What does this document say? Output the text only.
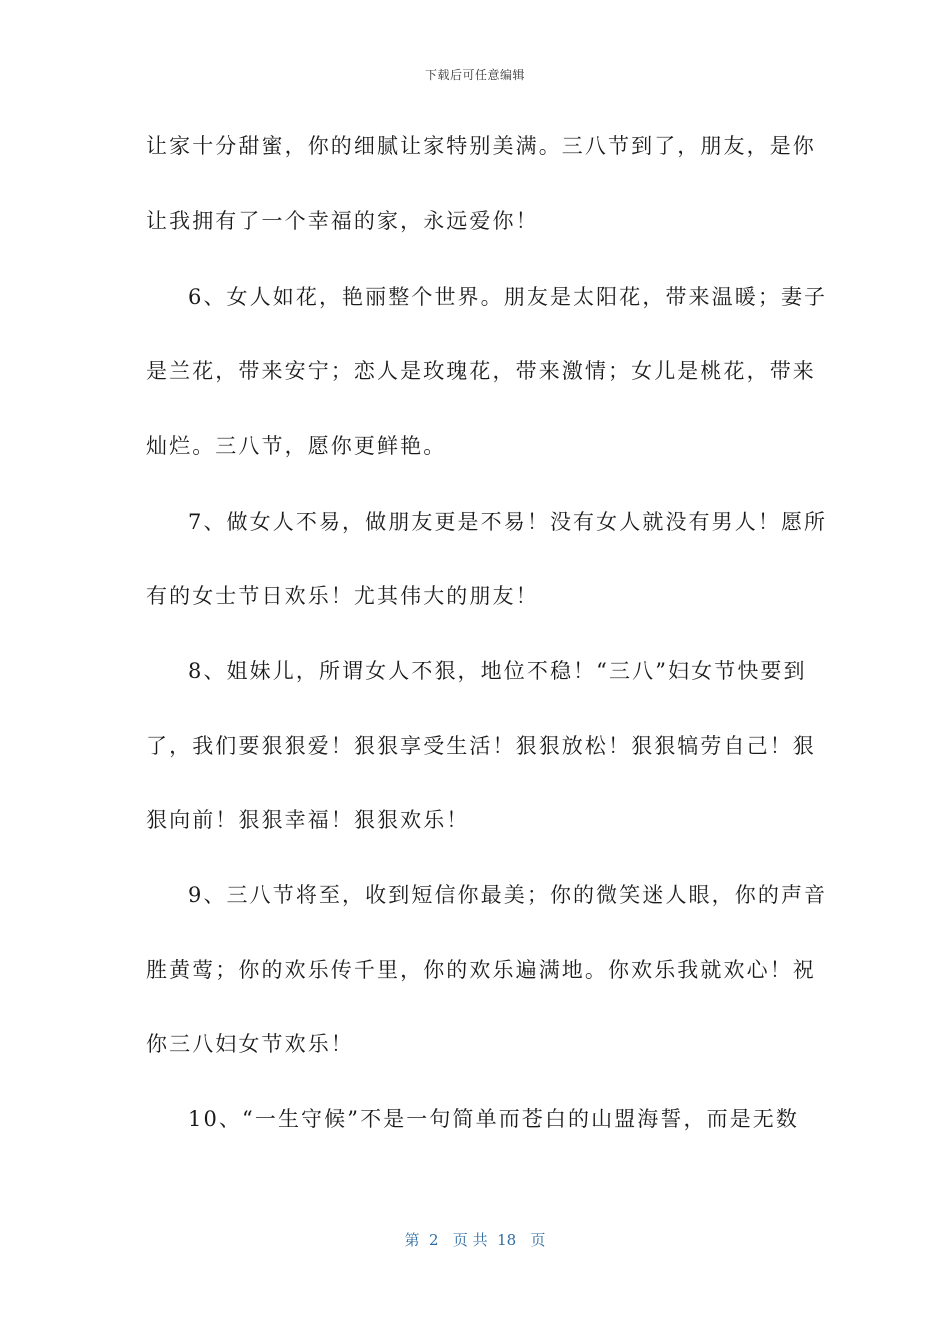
下载后可任意编辑
让家十分甜蜜，你的细腻让家特别美满。三八节到了，朋友，是你
让我拥有了一个幸福的家，永远爱你！
6、女人如花，艳丽整个世界。朋友是太阳花，带来温暖；妻子
是兰花，带来安宁；恋人是玫瑰花，带来激情；女儿是桃花，带来
灿烂。三八节，愿你更鲜艳。
7、做女人不易，做朋友更是不易！没有女人就没有男人！愿所
有的女士节日欢乐！尤其伟大的朋友！
8、姐妹儿，所谓女人不狠，地位不稳！“三八”妇女节快要到
了，我们要狠狠爱！狠狠享受生活！狠狠放松！狠狠犒劳自己！狠
狠向前！狠狠幸福！狠狠欢乐！
9、三八节将至，收到短信你最美；你的微笑迷人眼，你的声音
胜黄莺；你的欢乐传千里，你的欢乐遍满地。你欢乐我就欢心！祝
你三八妇女节欢乐！
10、“一生守候”不是一句简单而苍白的山盟海誓，而是无数
第  2   页 共  18   页
